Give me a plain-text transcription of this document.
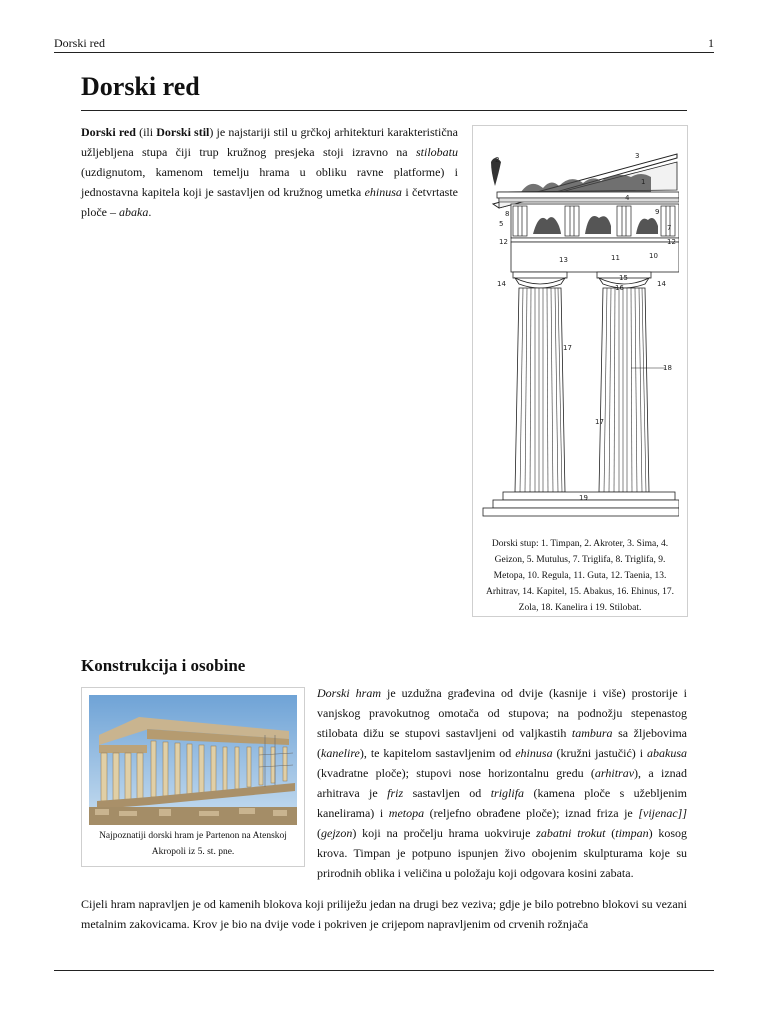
Dorski red	1
Dorski red

Dorski red (ili Dorski stil) je najstariji stil u grčkoj arhitekturi karakteristična užljebljena stupa čiji trup kružnog presjeka stoji izravno na stilobatu (uzdignutom, kamenom temelju hrama u obliku ravne platforme) i jednostavna kapitela koji je sastavljen od kružnog umetka ehinusa i četvrtaste ploče – abaka.

1
2	3
4
5	7
8	9
10
11
12	12
13
14	14
15
16
17
17
18
19
Dorski stup: 1. Timpan, 2. Akroter, 3. Sima, 4. Geizon, 5. Mutulus, 7. Triglifa, 8. Triglifa, 9. Metopa, 10. Regula, 11. Guta, 12. Taenia, 13. Arhitrav, 14. Kapitel, 15. Abakus, 16. Ehinus, 17. Zola, 18. Kanelira i 19. Stilobat.
Konstrukcija i osobine
Najpoznatiji dorski hram je Partenon na Atenskoj Akropoli iz 5. st. pne.

Dorski hram je uzdužna građevina od dvije (kasnije i više) prostorije i vanjskog pravokutnog omotača od stupova; na podnožju stepenastog stilobata dižu se stupovi sastavljeni od valjkastih tambura sa žljebovima (kanelire), te kapitelom sastavljenim od ehinusa (kružni jastučić) i abakusa (kvadratne ploče); stupovi nose horizontalnu gredu (arhitrav), a iznad arhitrava je friz sastavljen od triglifa (kamena ploče s užebljenim kanelirama) i metopa (reljefno obrađene ploče); iznad friza je [vijenac]] (gejzon) koji na pročelju hrama uokviruje zabatni trokut (timpan) kosog krova. Timpan je potpuno ispunjen živo obojenim skulpturama koje su prirodnih oblika i veličina u položaju koji odgovara kosini zabata.

Cijeli hram napravljen je od kamenih blokova koji priliježu jedan na drugi bez veziva; gdje je bilo potrebno blokovi su vezani metalnim zakovicama. Krov je bio na dvije vode i pokriven je crijepom napravljenim od crvenih rožnjača
